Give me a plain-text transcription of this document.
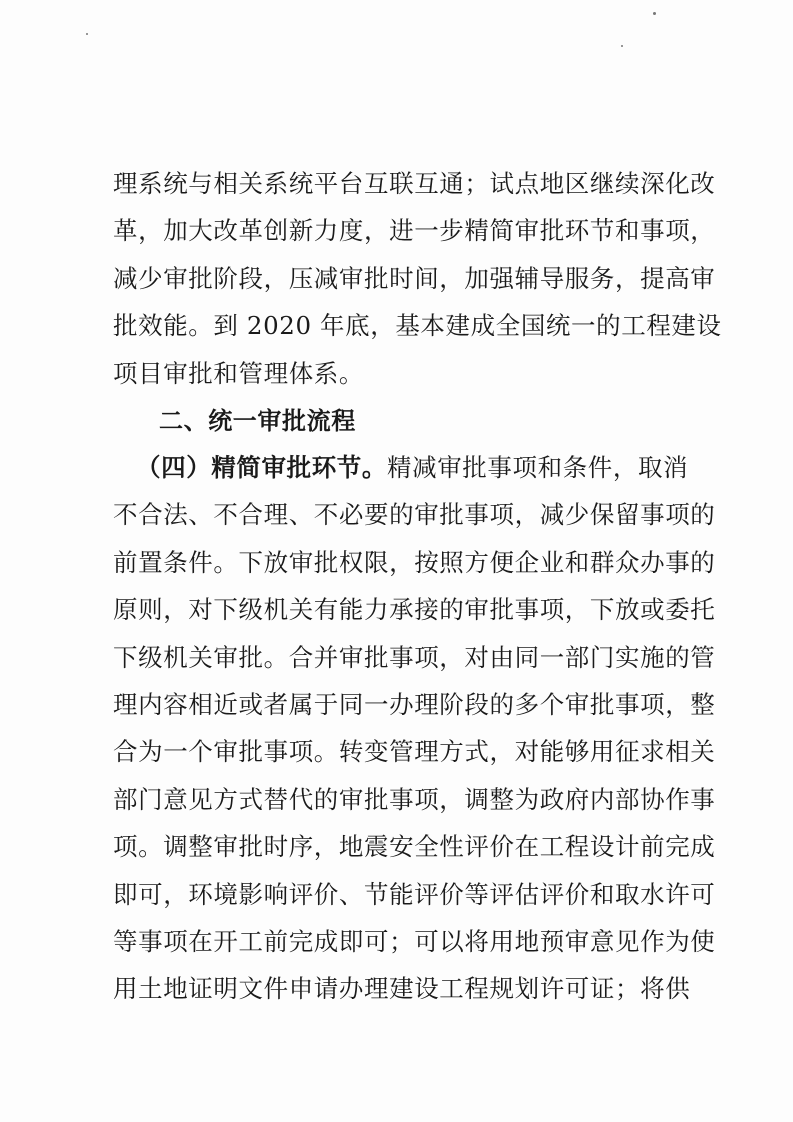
理系统与相关系统平台互联互通；试点地区继续深化改
革，加大改革创新力度，进一步精简审批环节和事项，
减少审批阶段，压减审批时间，加强辅导服务，提高审
批效能。到 2020 年底，基本建成全国统一的工程建设
项目审批和管理体系。
二、统一审批流程
（四）精简审批环节。精减审批事项和条件，取消
不合法、不合理、不必要的审批事项，减少保留事项的
前置条件。下放审批权限，按照方便企业和群众办事的
原则，对下级机关有能力承接的审批事项，下放或委托
下级机关审批。合并审批事项，对由同一部门实施的管
理内容相近或者属于同一办理阶段的多个审批事项，整
合为一个审批事项。转变管理方式，对能够用征求相关
部门意见方式替代的审批事项，调整为政府内部协作事
项。调整审批时序，地震安全性评价在工程设计前完成
即可，环境影响评价、节能评价等评估评价和取水许可
等事项在开工前完成即可；可以将用地预审意见作为使
用土地证明文件申请办理建设工程规划许可证；将供
